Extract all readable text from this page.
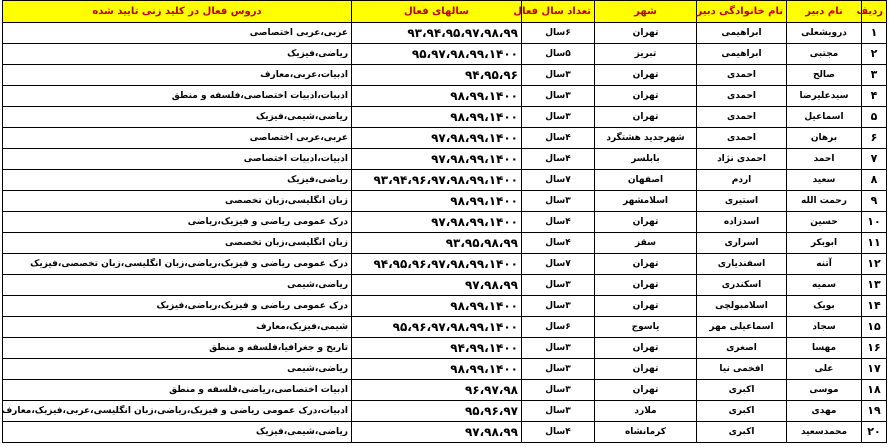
ردیف	نام دبیر	نام خانوادگی دبیر	شهر	تعداد سال فعال	سالهای فعال	دروس فعال در کلید زنی تایید شده
۱	درویشعلی	ابراهیمی	تهران	۶سال	۹۳،۹۴،۹۵،۹۷،۹۸،۹۹	عربی،عربی اختصاصی
۲	مجتبی	ابراهیمی	تبریز	۵سال	۹۵،۹۷،۹۸،۹۹،۱۴۰۰	ریاضی،فیزیک
۳	صالح	احمدی	تهران	۳سال	۹۴،۹۵،۹۶	ادبیات،عربی،معارف
۴	سیدعلیرضا	احمدی	تهران	۳سال	۹۸،۹۹،۱۴۰۰	ادبیات،ادبیات اختصاصی،فلسفه و منطق
۵	اسماعیل	احمدی	تهران	۳سال	۹۸،۹۹،۱۴۰۰	ریاضی،شیمی،فیزیک
۶	برهان	احمدی	شهرجدید هشتگرد	۴سال	۹۷،۹۸،۹۹،۱۴۰۰	عربی،عربی اختصاصی
۷	احمد	احمدی نژاد	بابلسر	۴سال	۹۷،۹۸،۹۹،۱۴۰۰	ادبیات،ادبیات اختصاصی
۸	سعید	اردم	اصفهان	۷سال	۹۳،۹۴،۹۶،۹۷،۹۸،۹۹،۱۴۰۰	ریاضی،فیزیک
۹	رحمت الله	استیری	اسلامشهر	۳سال	۹۸،۹۹،۱۴۰۰	زبان انگلیسی،زبان تخصصی
۱۰	حسین	اسدزاده	تهران	۴سال	۹۷،۹۸،۹۹،۱۴۰۰	درک عمومی ریاضی و فیزیک،ریاضی
۱۱	ابوبکر	اسراری	سقز	۴سال	۹۳،۹۵،۹۸،۹۹	زبان انگلیسی،زبان تخصصی
۱۲	آتنه	اسفندیاری	تهران	۷سال	۹۴،۹۵،۹۶،۹۷،۹۸،۹۹،۱۴۰۰	درک عمومی ریاضی و فیزیک،ریاضی،زبان انگلیسی،زبان تخصصی،فیزیک
۱۳	سمیه	اسکندری	تهران	۳سال	۹۷،۹۸،۹۹	ریاضی،شیمی
۱۴	بویک	اسلامبولچی	تهران	۳سال	۹۸،۹۹،۱۴۰۰	درک عمومی ریاضی و فیزیک،ریاضی،فیزیک
۱۵	سجاد	اسماعیلی مهر	یاسوج	۶سال	۹۵،۹۶،۹۷،۹۸،۹۹،۱۴۰۰	شیمی،فیزیک،معارف
۱۶	مهسا	اصغری	تهران	۳سال	۹۴،۹۹،۱۴۰۰	تاریخ و جغرافیا،فلسفه و منطق
۱۷	علی	افخمی نیا	تهران	۳سال	۹۸،۹۹،۱۴۰۰	ریاضی،شیمی
۱۸	موسی	اکبری	تهران	۳سال	۹۶،۹۷،۹۸	ادبیات اختصاصی،ریاضی،فلسفه و منطق
۱۹	مهدی	اکبری	ملارد	۳سال	۹۵،۹۶،۹۷	ادبیات،درک عمومی ریاضی و فیزیک،ریاضی،زبان انگلیسی،عربی،فیزیک،معارف
۲۰	محمدسعید	اکبری	کرمانشاه	۴سال	۹۷،۹۸،۹۹	ریاضی،شیمی،فیزیک
